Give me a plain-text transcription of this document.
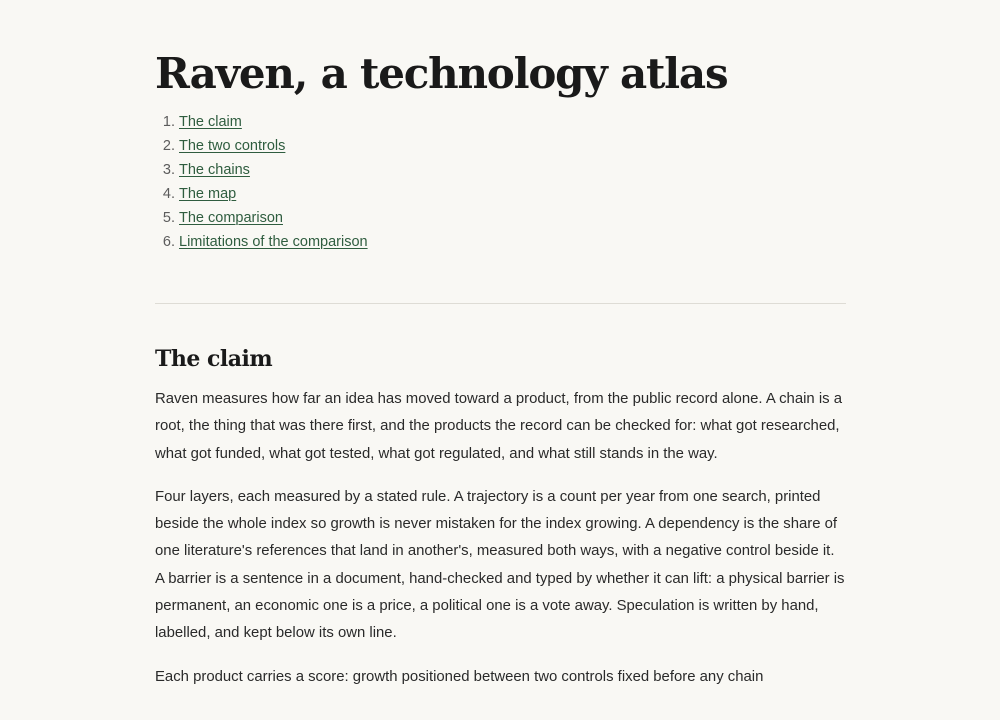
Raven, a technology atlas
1. The claim
2. The two controls
3. The chains
4. The map
5. The comparison
6. Limitations of the comparison
The claim

Raven measures how far an idea has moved toward a product, from the public record alone. A chain is a root, the thing that was there first, and the products the record can be checked for: what got researched, what got funded, what got tested, what got regulated, and what still stands in the way.

Four layers, each measured by a stated rule. A trajectory is a count per year from one search, printed beside the whole index so growth is never mistaken for the index growing. A dependency is the share of one literature's references that land in another's, measured both ways, with a negative control beside it. A barrier is a sentence in a document, hand-checked and typed by whether it can lift: a physical barrier is permanent, an economic one is a price, a political one is a vote away. Speculation is written by hand, labelled, and kept below its own line.

Each product carries a score: growth positioned between two controls fixed before any chain
